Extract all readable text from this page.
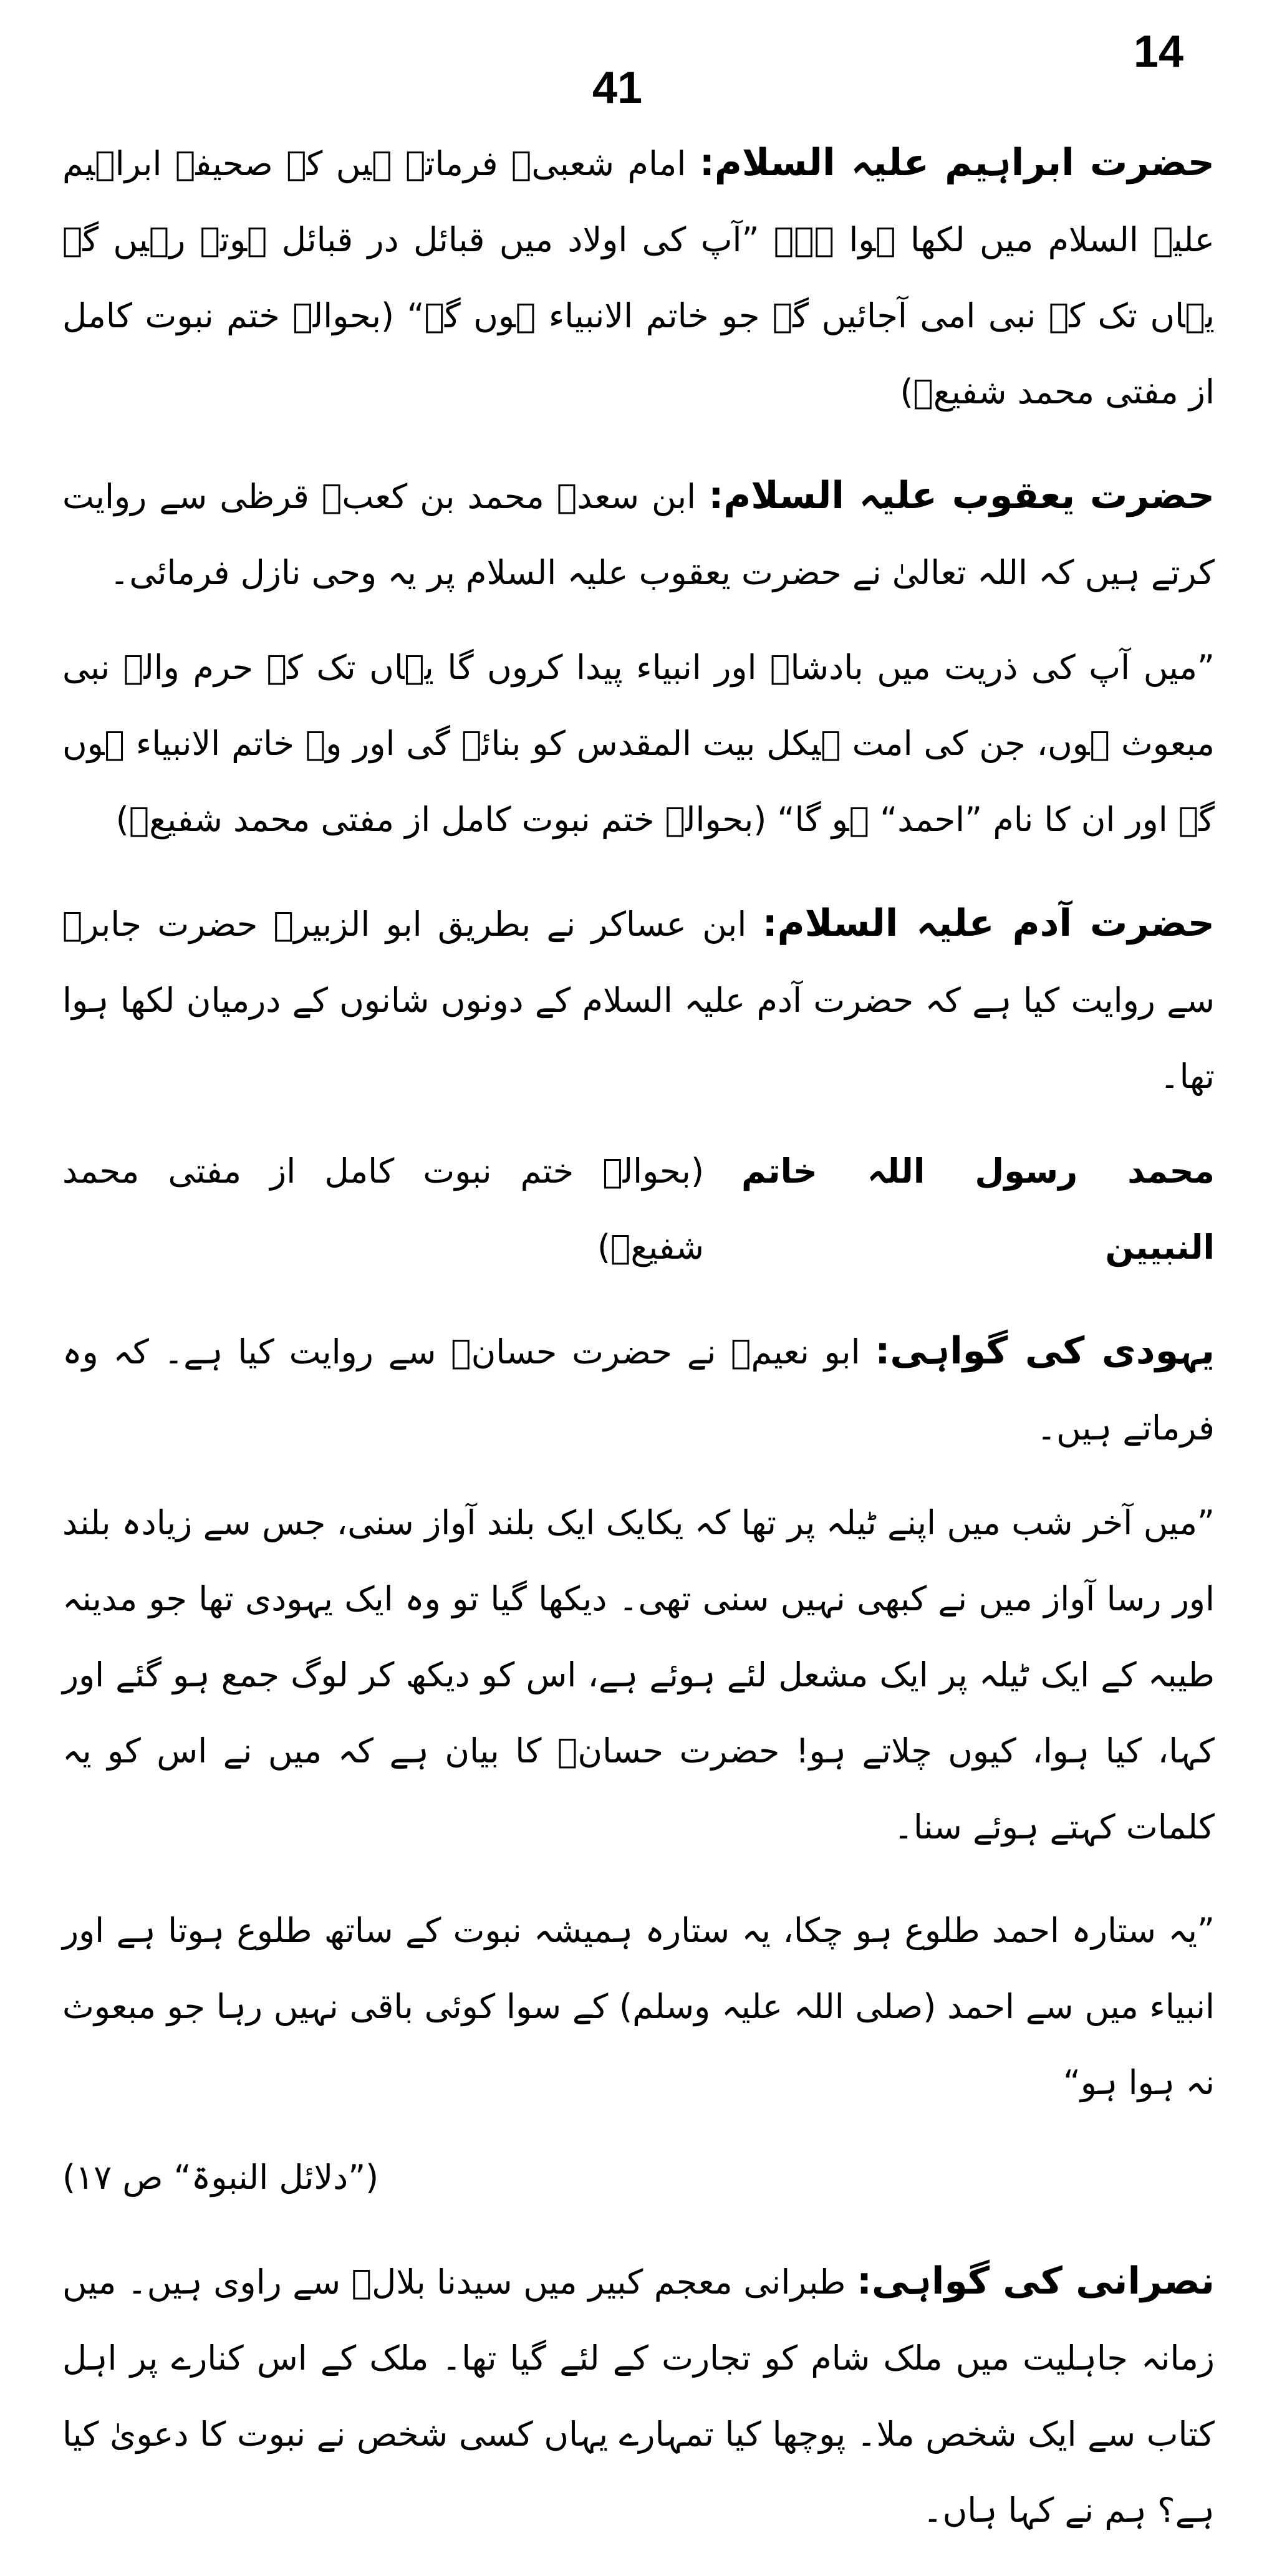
14
41

حضرت ابراہیم علیہ السلام: امام شعبیؒ فرماتے ہیں کہ صحیفہ ابراہیم علیہ السلام میں لکھا ہوا ہے۔ ”آپ کی اولاد میں قبائل در قبائل ہوتے رہیں گے یہاں تک کہ نبی امی آجائیں گے جو خاتم الانبیاء ہوں گے“ (بحوالہ ختم نبوت کامل از مفتی محمد شفیعؒ)

حضرت یعقوب علیہ السلام: ابن سعدؒ محمد بن کعبؓ قرظی سے روایت کرتے ہیں کہ اللہ تعالیٰ نے حضرت یعقوب علیہ السلام پر یہ وحی نازل فرمائی۔

”میں آپ کی ذریت میں بادشاہ اور انبیاء پیدا کروں گا یہاں تک کہ حرم والے نبی مبعوث ہوں، جن کی امت ہیکل بیت المقدس کو بنائے گی اور وہ خاتم الانبیاء ہوں گے اور ان کا نام ”احمد“ ہو گا“ (بحوالہ ختم نبوت کامل از مفتی محمد شفیعؒ)

حضرت آدم علیہ السلام: ابن عساکر نے بطریق ابو الزبیرؓ حضرت جابرؓ سے روایت کیا ہے کہ حضرت آدم علیہ السلام کے دونوں شانوں کے درمیان لکھا ہوا تھا۔

محمد رسول اللہ خاتم النبیین
(بحوالہ ختم نبوت کامل از مفتی محمد شفیعؒ)

یہودی کی گواہی: ابو نعیمؒ نے حضرت حسانؓ سے روایت کیا ہے۔ کہ وہ فرماتے ہیں۔

”میں آخر شب میں اپنے ٹیلہ پر تھا کہ یکایک ایک بلند آواز سنی، جس سے زیادہ بلند اور رسا آواز میں نے کبھی نہیں سنی تھی۔ دیکھا گیا تو وہ ایک یہودی تھا جو مدینہ طیبہ کے ایک ٹیلہ پر ایک مشعل لئے ہوئے ہے، اس کو دیکھ کر لوگ جمع ہو گئے اور کہا، کیا ہوا، کیوں چلاتے ہو! حضرت حسانؓ کا بیان ہے کہ میں نے اس کو یہ کلمات کہتے ہوئے سنا۔

”یہ ستارہ احمد طلوع ہو چکا، یہ ستارہ ہمیشہ نبوت کے ساتھ طلوع ہوتا ہے اور انبیاء میں سے احمد (صلی اللہ علیہ وسلم) کے سوا کوئی باقی نہیں رہا جو مبعوث نہ ہوا ہو“

(”دلائل النبوۃ“ ص ۱۷)

نصرانی کی گواہی: طبرانی معجم کبیر میں سیدنا بلالؓ سے راوی ہیں۔ میں زمانہ جاہلیت میں ملک شام کو تجارت کے لئے گیا تھا۔ ملک کے اس کنارے پر اہل کتاب سے ایک شخص ملا۔ پوچھا کیا تمہارے یہاں کسی شخص نے نبوت کا دعویٰ کیا ہے؟ ہم نے کہا ہاں۔
